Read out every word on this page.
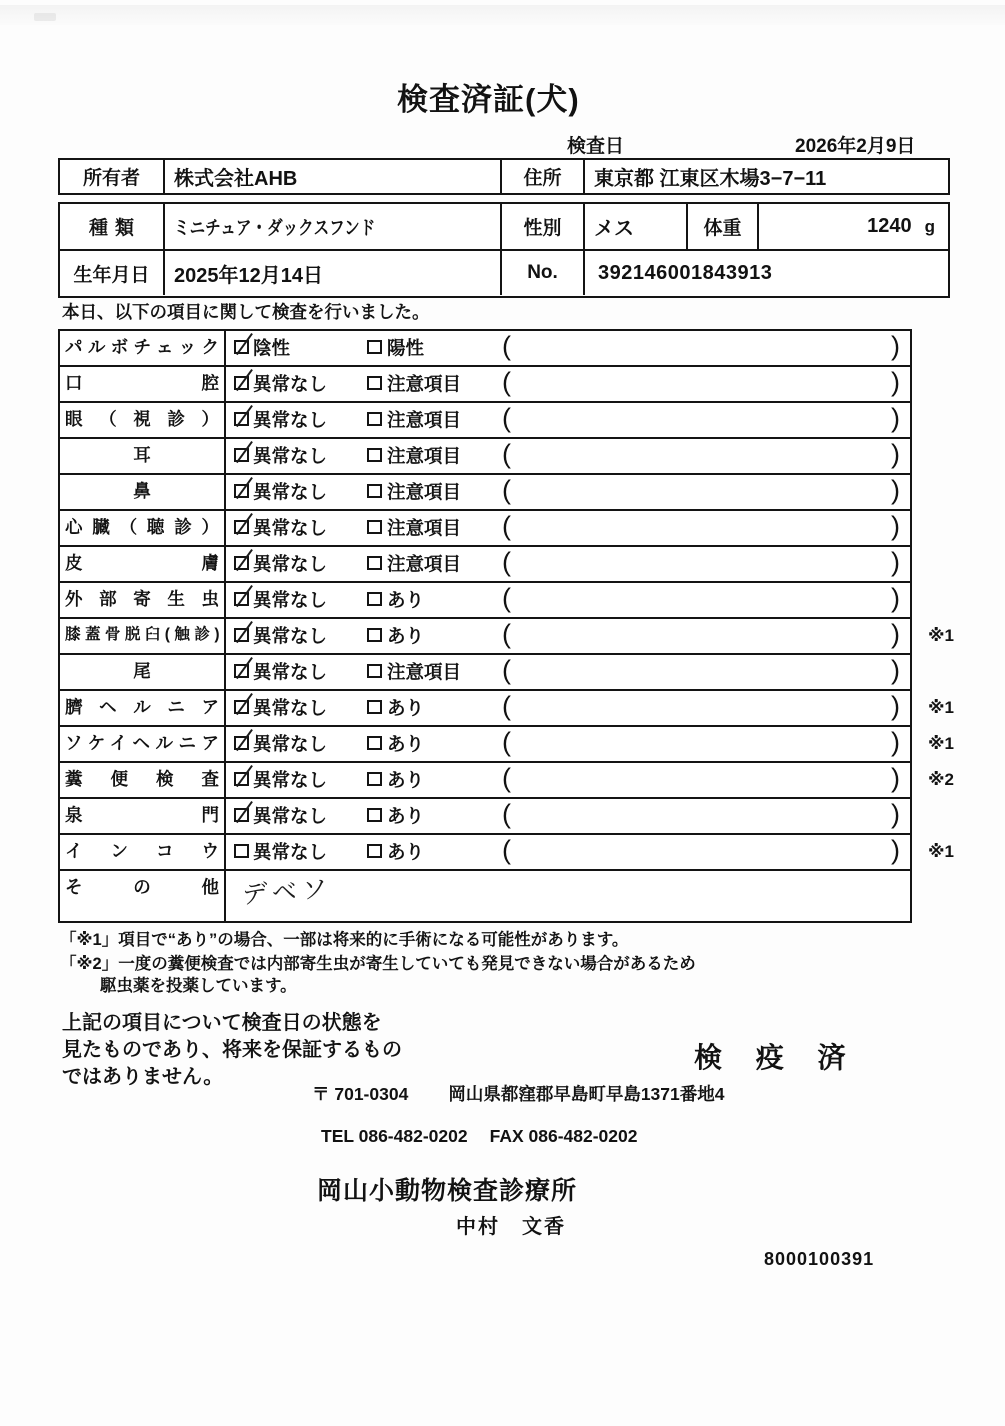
検査済証(犬)
検査日	2026年2月9日
所有者	株式会社AHB	住所	東京都 江東区木場3−7−11
種類	ミニチュア・ダックスフンド	性別	メス	体重	1240 g
生年月日	2025年12月14日	No.	392146001843913
本日、以下の項目に関して検査を行いました。
パルボチェック	陰性	陽性	(	)
口腔	異常なし	注意項目 (	)
眼（視診）	異常なし	注意項目 (	)
耳	異常なし	注意項目 (	)
鼻	異常なし	注意項目 (	)
心臓（聴診）	異常なし	注意項目 (	)
皮膚	異常なし	注意項目 (	)
外部寄生虫	異常なし	あり	(	)
膝蓋骨脱臼(触診)	異常なし	あり	(	) ※1
尾	異常なし	注意項目 (	)
臍ヘルニア	異常なし	あり	(	) ※1
ソケイヘルニア	異常なし	あり	(	) ※1
糞便検査	異常なし	あり	(	) ※2
泉門	異常なし	あり	(	)
インコウ	異常なし	あり	(	) ※1
その他 デベソ
「※1」項目で“あり”の場合、一部は将来的に手術になる可能性があります。
「※2」一度の糞便検査では内部寄生虫が寄生していても発見できない場合があるため
駆虫薬を投薬しています。
上記の項目について検査日の状態を
見たものであり、将来を保証するもの
ではありません。
検 疫 済
〒 701-0304 岡山県都窪郡早島町早島1371番地4
TEL 086-482-0202 FAX 086-482-0202
岡山小動物検査診療所
中村　文香
8000100391
